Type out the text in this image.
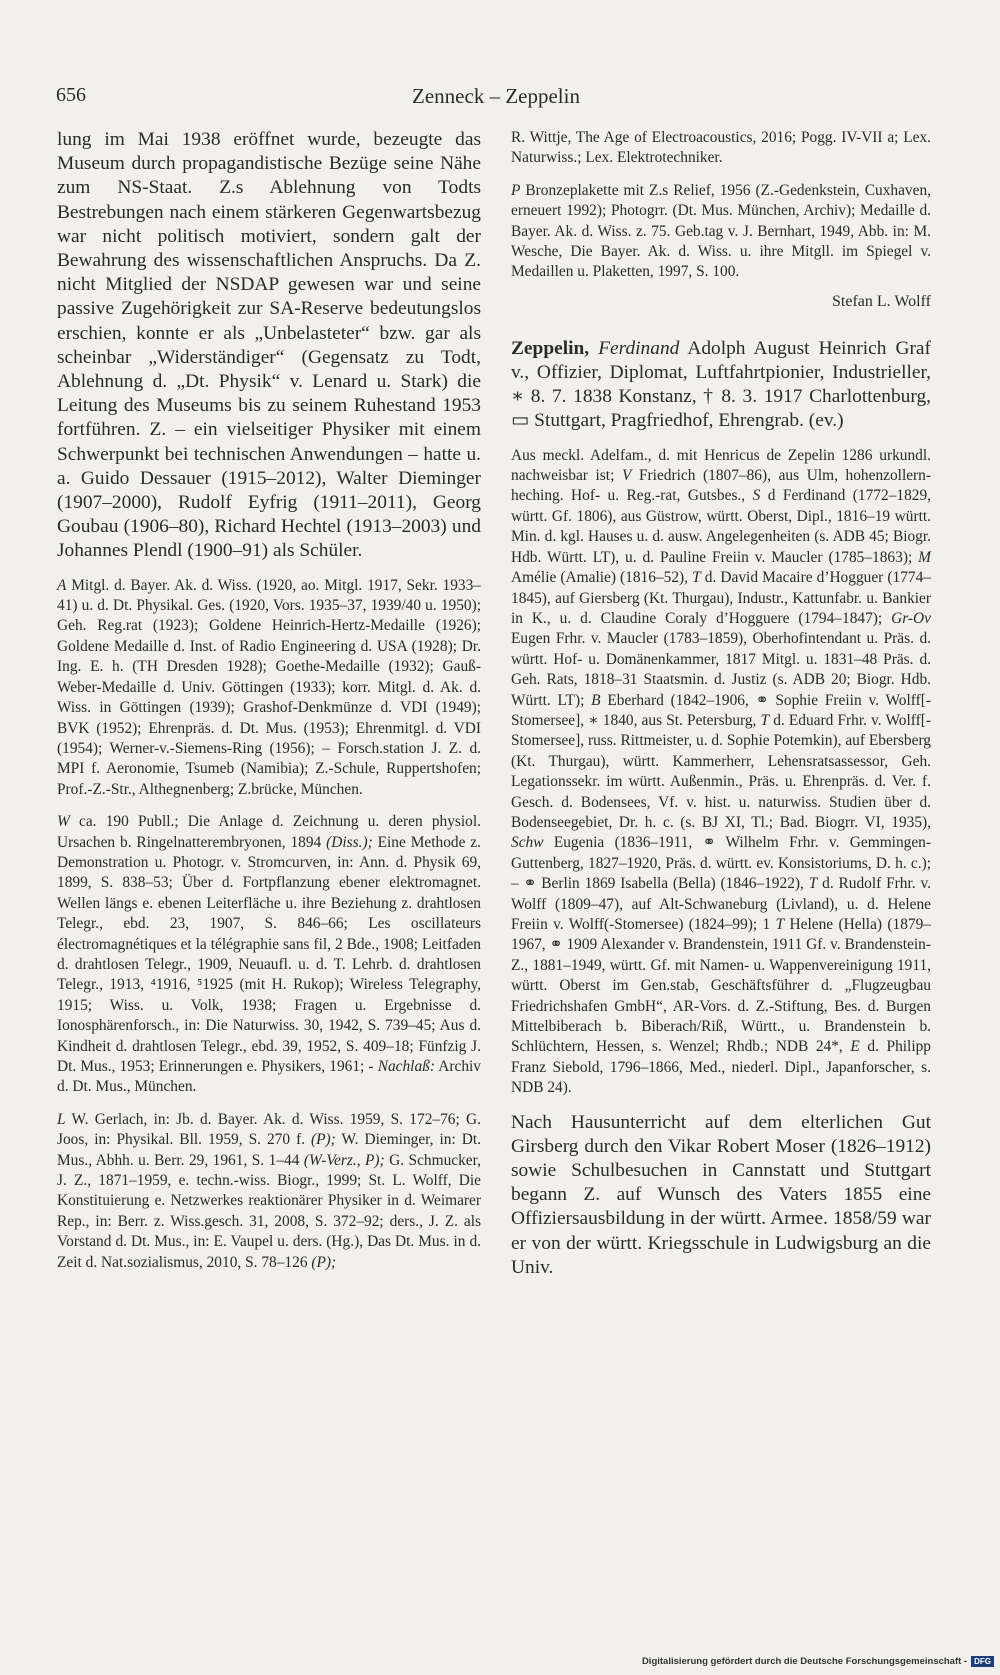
656	Zenneck – Zeppelin

lung im Mai 1938 eröffnet wurde, bezeugte das Museum durch propagandistische Bezüge seine Nähe zum NS-Staat. Z.s Ablehnung von Todts Bestrebungen nach einem stärkeren Gegenwartsbezug war nicht politisch motiviert, sondern galt der Bewahrung des wissenschaftlichen Anspruchs. Da Z. nicht Mitglied der NSDAP gewesen war und seine passive Zugehörigkeit zur SA-Reserve bedeutungslos erschien, konnte er als „Unbelasteter“ bzw. gar als scheinbar „Widerständiger“ (Gegensatz zu Todt, Ablehnung d. „Dt. Physik“ v. Lenard u. Stark) die Leitung des Museums bis zu seinem Ruhestand 1953 fortführen. Z. – ein vielseitiger Physiker mit einem Schwerpunkt bei technischen Anwendungen – hatte u. a. Guido Dessauer (1915–2012), Walter Dieminger (1907–2000), Rudolf Eyfrig (1911–2011), Georg Goubau (1906–80), Richard Hechtel (1913–2003) und Johannes Plendl (1900–91) als Schüler.

A Mitgl. d. Bayer. Ak. d. Wiss. (1920, ao. Mitgl. 1917, Sekr. 1933–41) u. d. Dt. Physikal. Ges. (1920, Vors. 1935–37, 1939/40 u. 1950); Geh. Reg.rat (1923); Goldene Heinrich-Hertz-Medaille (1926); Goldene Medaille d. Inst. of Radio Engineering d. USA (1928); Dr. Ing. E. h. (TH Dresden 1928); Goethe-Medaille (1932); Gauß-Weber-Medaille d. Univ. Göttingen (1933); korr. Mitgl. d. Ak. d. Wiss. in Göttingen (1939); Grashof-Denkmünze d. VDI (1949); BVK (1952); Ehrenpräs. d. Dt. Mus. (1953); Ehrenmitgl. d. VDI (1954); Werner-v.-Siemens-Ring (1956); – Forsch.station J. Z. d. MPI f. Aeronomie, Tsumeb (Namibia); Z.-Schule, Ruppertshofen; Prof.-Z.-Str., Althegnenberg; Z.brücke, München.

W ca. 190 Publl.; Die Anlage d. Zeichnung u. deren physiol. Ursachen b. Ringelnatterembryonen, 1894 (Diss.); Eine Methode z. Demonstration u. Photogr. v. Stromcurven, in: Ann. d. Physik 69, 1899, S. 838–53; Über d. Fortpflanzung ebener elektromagnet. Wellen längs e. ebenen Leiterfläche u. ihre Beziehung z. drahtlosen Telegr., ebd. 23, 1907, S. 846–66; Les oscillateurs électromagnétiques et la télégraphie sans fil, 2 Bde., 1908; Leitfaden d. drahtlosen Telegr., 1909, Neuaufl. u. d. T. Lehrb. d. drahtlosen Telegr., 1913, ⁴1916, ⁵1925 (mit H. Rukop); Wireless Telegraphy, 1915; Wiss. u. Volk, 1938; Fragen u. Ergebnisse d. Ionosphärenforsch., in: Die Naturwiss. 30, 1942, S. 739–45; Aus d. Kindheit d. drahtlosen Telegr., ebd. 39, 1952, S. 409–18; Fünfzig J. Dt. Mus., 1953; Erinnerungen e. Physikers, 1961; - Nachlaß: Archiv d. Dt. Mus., München.

L W. Gerlach, in: Jb. d. Bayer. Ak. d. Wiss. 1959, S. 172–76; G. Joos, in: Physikal. Bll. 1959, S. 270 f. (P); W. Dieminger, in: Dt. Mus., Abhh. u. Berr. 29, 1961, S. 1–44 (W-Verz., P); G. Schmucker, J. Z., 1871–1959, e. techn.-wiss. Biogr., 1999; St. L. Wolff, Die Konstituierung e. Netzwerkes reaktionärer Physiker in d. Weimarer Rep., in: Berr. z. Wiss.gesch. 31, 2008, S. 372–92; ders., J. Z. als Vorstand d. Dt. Mus., in: E. Vaupel u. ders. (Hg.), Das Dt. Mus. in d. Zeit d. Nat.sozialismus, 2010, S. 78–126 (P);

R. Wittje, The Age of Electroacoustics, 2016; Pogg. IV-VII a; Lex. Naturwiss.; Lex. Elektrotechniker.

P Bronzeplakette mit Z.s Relief, 1956 (Z.-Gedenkstein, Cuxhaven, erneuert 1992); Photogrr. (Dt. Mus. München, Archiv); Medaille d. Bayer. Ak. d. Wiss. z. 75. Geb.tag v. J. Bernhart, 1949, Abb. in: M. Wesche, Die Bayer. Ak. d. Wiss. u. ihre Mitgll. im Spiegel v. Medaillen u. Plaketten, 1997, S. 100.

Stefan L. Wolff

Zeppelin, Ferdinand Adolph August Heinrich Graf v., Offizier, Diplomat, Luftfahrtpionier, Industrieller, ∗ 8. 7. 1838 Konstanz, † 8. 3. 1917 Charlottenburg, ▭ Stuttgart, Pragfriedhof, Ehrengrab. (ev.)

Aus meckl. Adelfam., d. mit Henricus de Zepelin 1286 urkundl. nachweisbar ist; V Friedrich (1807–86), aus Ulm, hohenzollern-heching. Hof- u. Reg.-rat, Gutsbes., S d Ferdinand (1772–1829, württ. Gf. 1806), aus Güstrow, württ. Oberst, Dipl., 1816–19 württ. Min. d. kgl. Hauses u. d. ausw. Angelegenheiten (s. ADB 45; Biogr. Hdb. Württ. LT), u. d. Pauline Freiin v. Maucler (1785–1863); M Amélie (Amalie) (1816–52), T d. David Macaire d’Hogguer (1774–1845), auf Giersberg (Kt. Thurgau), Industr., Kattunfabr. u. Bankier in K., u. d. Claudine Coraly d’Hogguere (1794–1847); Gr-Ov Eugen Frhr. v. Maucler (1783–1859), Oberhofintendant u. Präs. d. württ. Hof- u. Domänenkammer, 1817 Mitgl. u. 1831–48 Präs. d. Geh. Rats, 1818–31 Staatsmin. d. Justiz (s. ADB 20; Biogr. Hdb. Württ. LT); B Eberhard (1842–1906, ⚭ Sophie Freiin v. Wolff[-Stomersee], ∗ 1840, aus St. Petersburg, T d. Eduard Frhr. v. Wolff[-Stomersee], russ. Rittmeister, u. d. Sophie Potemkin), auf Ebersberg (Kt. Thurgau), württ. Kammerherr, Lehensratsassessor, Geh. Legationssekr. im württ. Außenmin., Präs. u. Ehrenpräs. d. Ver. f. Gesch. d. Bodensees, Vf. v. hist. u. naturwiss. Studien über d. Bodenseegebiet, Dr. h. c. (s. BJ XI, Tl.; Bad. Biogrr. VI, 1935), Schw Eugenia (1836–1911, ⚭ Wilhelm Frhr. v. Gemmingen-Guttenberg, 1827–1920, Präs. d. württ. ev. Konsistoriums, D. h. c.); – ⚭ Berlin 1869 Isabella (Bella) (1846–1922), T d. Rudolf Frhr. v. Wolff (1809–47), auf Alt-Schwaneburg (Livland), u. d. Helene Freiin v. Wolff(-Stomersee) (1824–99); 1 T Helene (Hella) (1879–1967, ⚭ 1909 Alexander v. Brandenstein, 1911 Gf. v. Brandenstein-Z., 1881–1949, württ. Gf. mit Namen- u. Wappenvereinigung 1911, württ. Oberst im Gen.stab, Geschäftsführer d. „Flugzeugbau Friedrichshafen GmbH“, AR-Vors. d. Z.-Stiftung, Bes. d. Burgen Mittelbiberach b. Biberach/Riß, Württ., u. Brandenstein b. Schlüchtern, Hessen, s. Wenzel; Rhdb.; NDB 24*, E d. Philipp Franz Siebold, 1796–1866, Med., niederl. Dipl., Japanforscher, s. NDB 24).

Nach Hausunterricht auf dem elterlichen Gut Girsberg durch den Vikar Robert Moser (1826–1912) sowie Schulbesuchen in Cannstatt und Stuttgart begann Z. auf Wunsch des Vaters 1855 eine Offiziersausbildung in der württ. Armee. 1858/59 war er von der württ. Kriegsschule in Ludwigsburg an die Univ.

Digitalisierung gefördert durch die Deutsche Forschungsgemeinschaft - DFG
